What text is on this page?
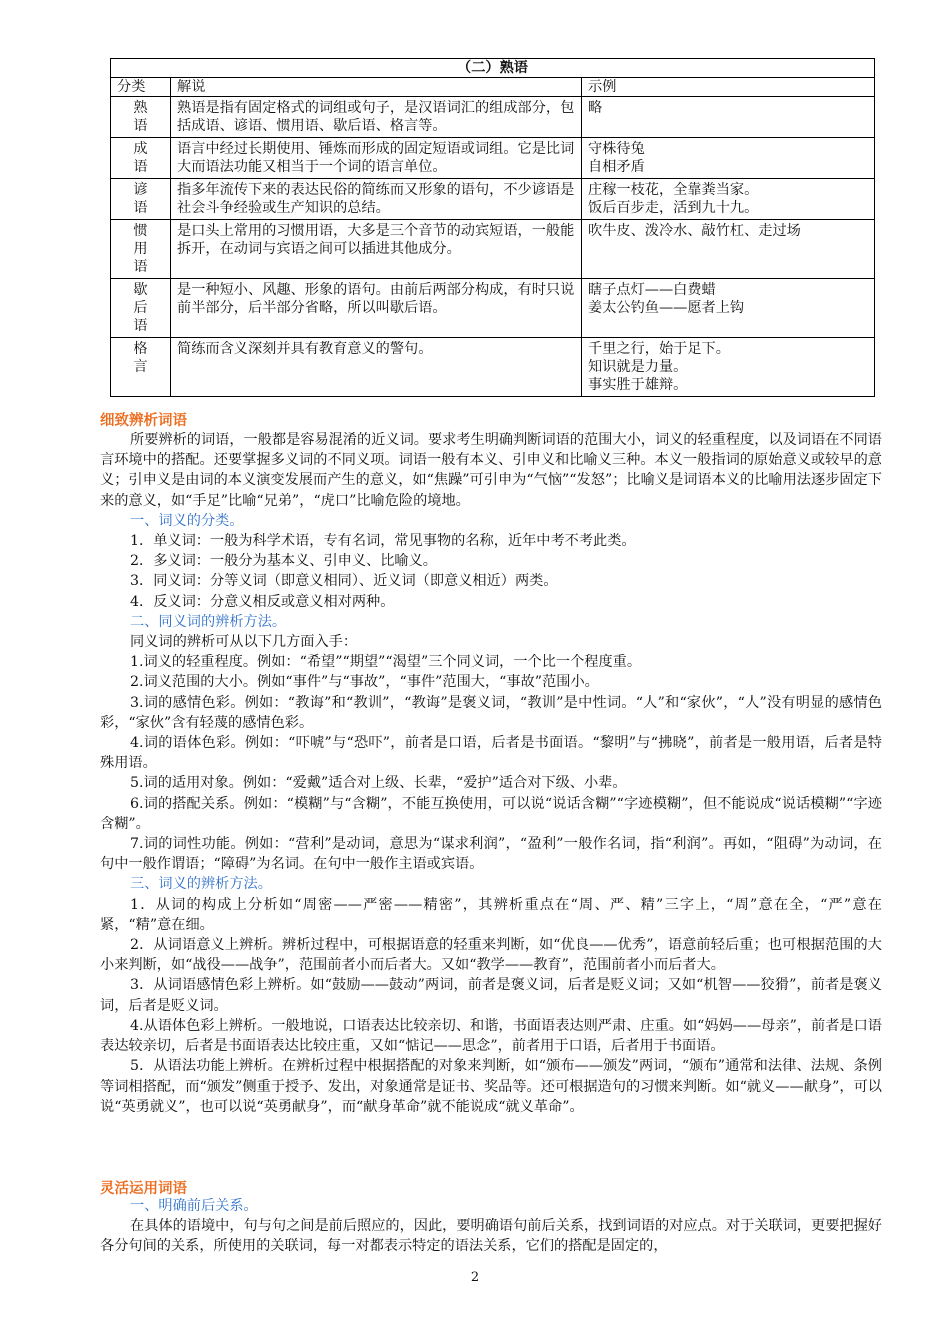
（二）熟语		
分类	解说	示例

熟
语	熟语是指有固定格式的词组或句子，是汉语词汇的组成部分，包括成语、谚语、惯用语、歇后语、格言等。	略

成
语	语言中经过长期使用、锤炼而形成的固定短语或词组。它是比词大而语法功能又相当于一个词的语言单位。	守株待兔
自相矛盾

谚
语	指多年流传下来的表达民俗的简练而又形象的语句，不少谚语是社会斗争经验或生产知识的总结。	庄稼一枝花，全靠粪当家。
饭后百步走，活到九十九。

惯
用
语	是口头上常用的习惯用语，大多是三个音节的动宾短语，一般能拆开，在动词与宾语之间可以插进其他成分。	吹牛皮、泼冷水、敲竹杠、走过场

歇
后
语	是一种短小、风趣、形象的语句。由前后两部分构成，有时只说前半部分，后半部分省略，所以叫歇后语。	瞎子点灯——白费蜡
姜太公钓鱼——愿者上钩

格
言	简练而含义深刻并具有教育意义的警句。	千里之行，始于足下。
知识就是力量。
事实胜于雄辩。
细致辨析词语

所要辨析的词语，一般都是容易混淆的近义词。要求考生明确判断词语的范围大小，词义的轻重程度，以及词语在不同语言环境中的搭配。还要掌握多义词的不同义项。词语一般有本义、引申义和比喻义三种。本义一般指词的原始意义或较早的意义；引申义是由词的本义演变发展而产生的意义，如“焦躁”可引申为“气恼”“发怒”；比喻义是词语本义的比喻用法逐步固定下来的意义，如“手足”比喻“兄弟”，“虎口”比喻危险的境地。

一、词义的分类。

1．单义词：一般为科学术语，专有名词，常见事物的名称，近年中考不考此类。

2．多义词：一般分为基本义、引申义、比喻义。

3．同义词：分等义词（即意义相同）、近义词（即意义相近）两类。

4．反义词：分意义相反或意义相对两种。

二、同义词的辨析方法。

同义词的辨析可从以下几方面入手：

1.词义的轻重程度。例如：“希望”“期望”“渴望”三个同义词，一个比一个程度重。

2.词义范围的大小。例如“事件”与“事故”，“事件”范围大，“事故”范围小。

3.词的感情色彩。例如：“教诲”和“教训”，“教诲”是褒义词，“教训”是中性词。“人”和“家伙”，“人”没有明显的感情色彩，“家伙”含有轻蔑的感情色彩。

4.词的语体色彩。例如：“吓唬”与“恐吓”，前者是口语，后者是书面语。“黎明”与“拂晓”，前者是一般用语，后者是特殊用语。

5.词的适用对象。例如：“爱戴”适合对上级、长辈，“爱护”适合对下级、小辈。

6.词的搭配关系。例如：“模糊”与“含糊”，不能互换使用，可以说“说话含糊”“字迹模糊”，但不能说成“说话模糊”“字迹含糊”。

7.词的词性功能。例如：“营利”是动词，意思为“谋求利润”，“盈利”一般作名词，指“利润”。再如，“阻碍”为动词，在句中一般作谓语；“障碍”为名词。在句中一般作主语或宾语。

三、词义的辨析方法。

1．从词的构成上分析如“周密——严密——精密”，其辨析重点在“周、严、精”三字上，“周”意在全，“严”意在紧，“精”意在细。

2．从词语意义上辨析。辨析过程中，可根据语意的轻重来判断，如“优良——优秀”，语意前轻后重；也可根据范围的大小来判断，如“战役——战争”，范围前者小而后者大。又如“教学——教育”，范围前者小而后者大。

3．从词语感情色彩上辨析。如“鼓励——鼓动”两词，前者是褒义词，后者是贬义词；又如“机智——狡猾”，前者是褒义词，后者是贬义词。

4.从语体色彩上辨析。一般地说，口语表达比较亲切、和谐，书面语表达则严肃、庄重。如“妈妈——母亲”，前者是口语表达较亲切，后者是书面语表达比较庄重，又如“惦记——思念”，前者用于口语，后者用于书面语。

5．从语法功能上辨析。在辨析过程中根据搭配的对象来判断，如“颁布——颁发”两词，“颁布”通常和法律、法规、条例等词相搭配，而“颁发”侧重于授予、发出，对象通常是证书、奖品等。还可根据造句的习惯来判断。如“就义——献身”，可以说“英勇就义”，也可以说“英勇献身”，而“献身革命”就不能说成“就义革命”。

灵活运用词语

一、明确前后关系。

在具体的语境中，句与句之间是前后照应的，因此，要明确语句前后关系，找到词语的对应点。对于关联词，更要把握好各分句间的关系，所使用的关联词，每一对都表示特定的语法关系，它们的搭配是固定的，

2
